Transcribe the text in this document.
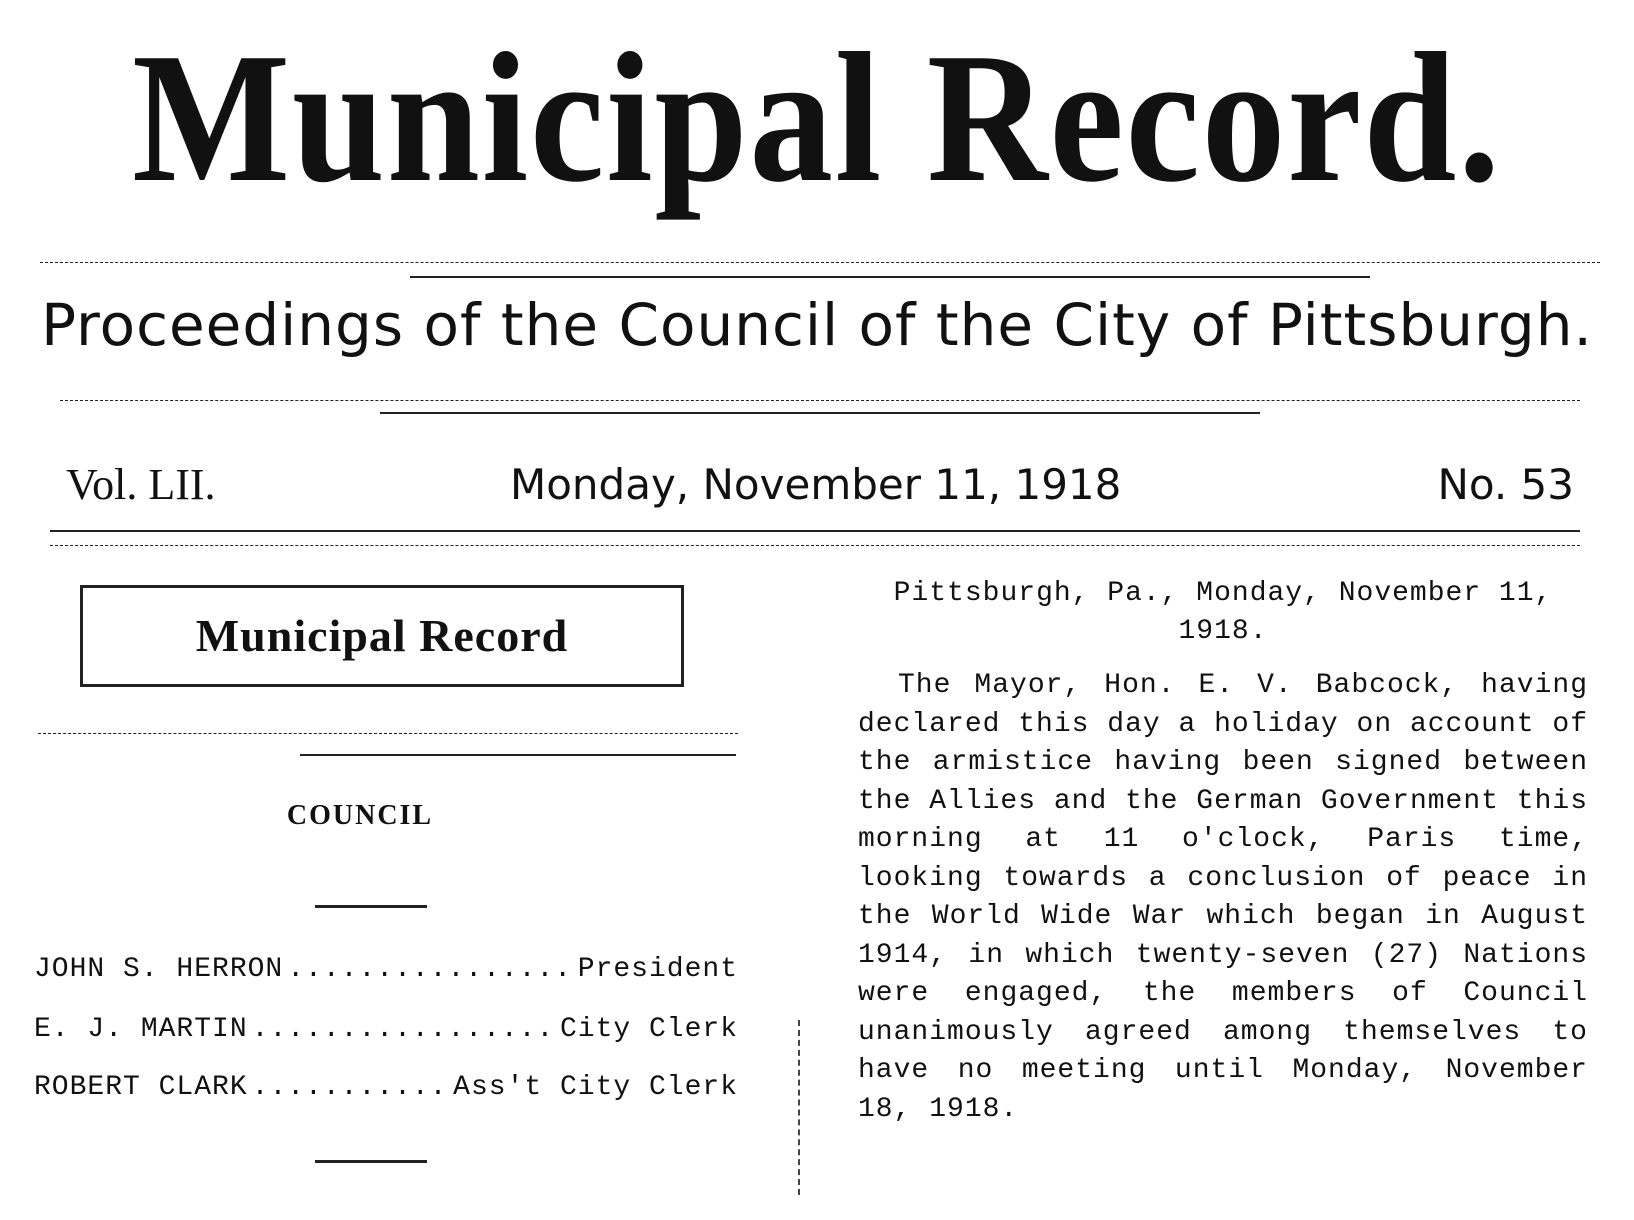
Municipal Record.
Proceedings of the Council of the City of Pittsburgh.
Vol. LII.	Monday, November 11, 1918	No. 53
Municipal Record
COUNCIL
JOHN S. HERRON .....	President
E. J. MARTIN .....	City Clerk
ROBERT CLARK .....	Ass't City Clerk
Pittsburgh, Pa., Monday, November 11, 1918.
The Mayor, Hon. E. V. Babcock, having declared this day a holiday on account of the armistice having been signed between the Allies and the German Government this morning at 11 o'clock, Paris time, looking towards a conclusion of peace in the World Wide War which began in August 1914, in which twenty-seven (27) Nations were engaged, the members of Council unanimously agreed among themselves to have no meeting until Monday, November 18, 1918.
